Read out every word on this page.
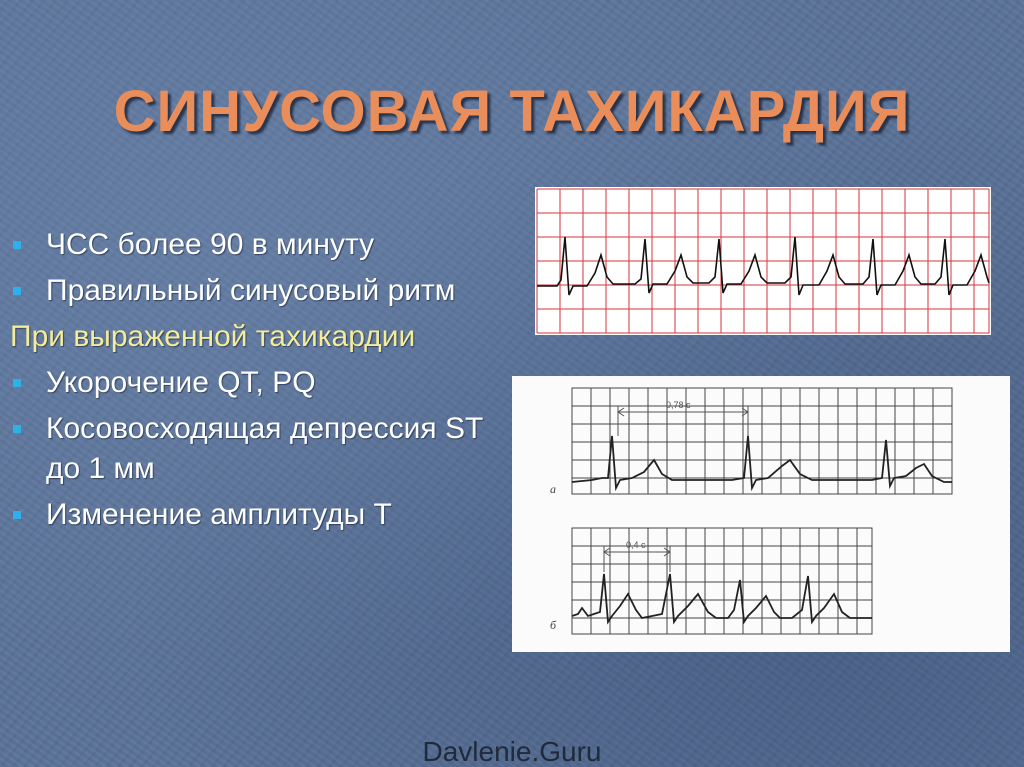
СИНУСОВАЯ ТАХИКАРДИЯ
ЧСС более 90 в минуту
Правильный синусовый ритм
При выраженной тахикардии
Укорочение QT, PQ
Косовосходящая депрессия ST до 1 мм
Изменение амплитуды Т
а
0,78 с
б
0,4 с
Davlenie.Guru
